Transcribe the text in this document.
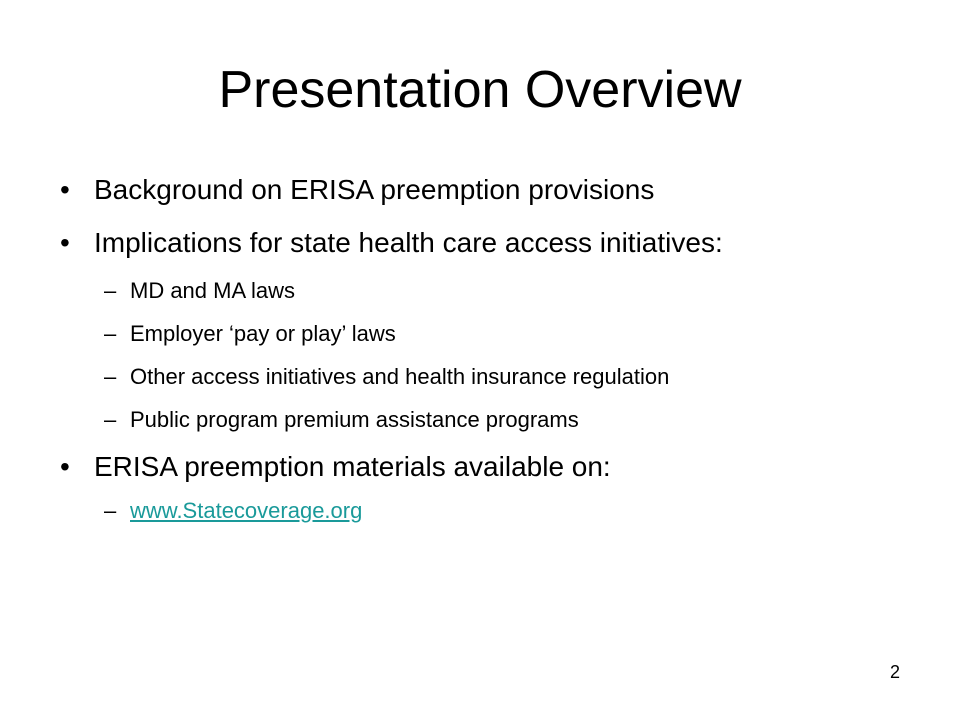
Presentation Overview
• Background on ERISA preemption provisions
• Implications for state health care access initiatives:
– MD and MA laws
– Employer ‘pay or play’ laws
– Other access initiatives and health insurance regulation
– Public program premium assistance programs
• ERISA preemption materials available on:
– www.Statecoverage.org
2
